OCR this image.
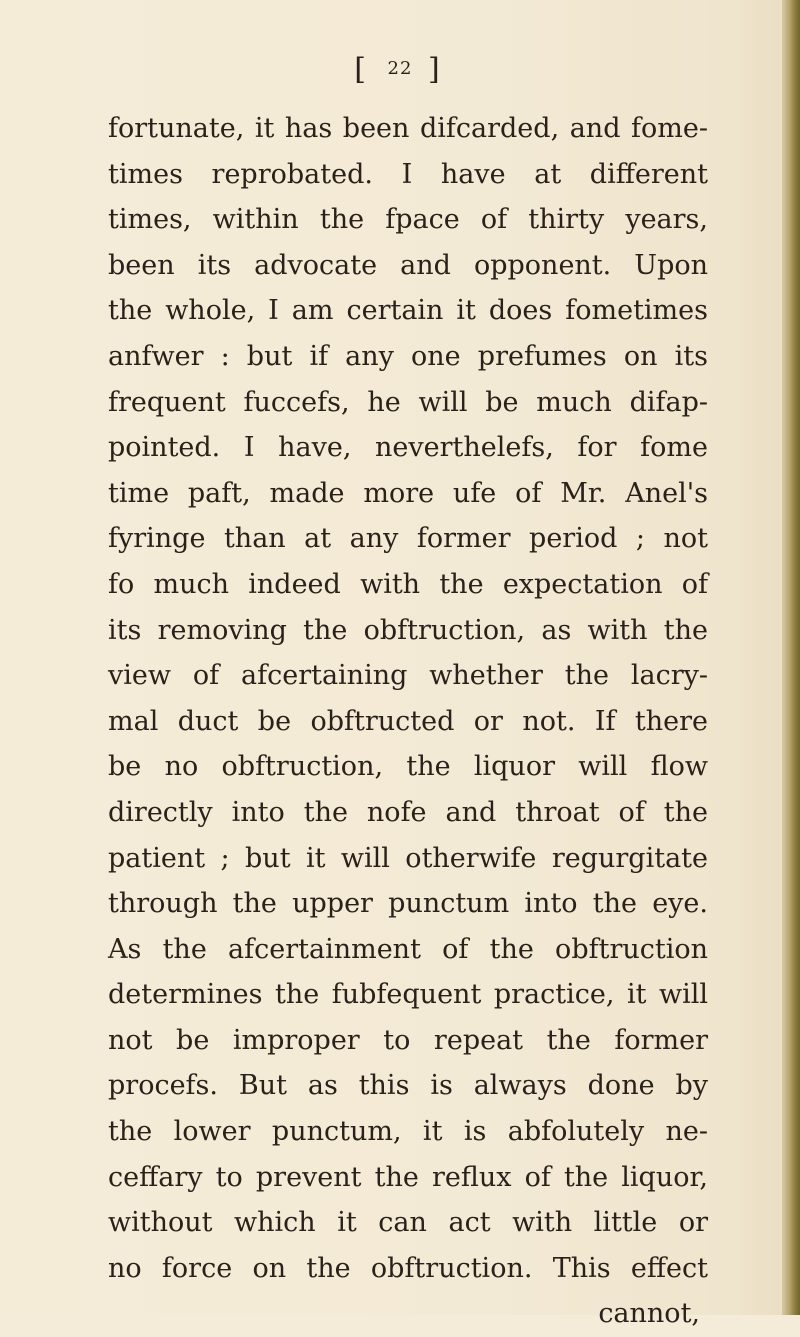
[ 22 ]
fortunate, it has been difcarded, and fome-
times reprobated. I have at different
times, within the fpace of thirty years,
been its advocate and opponent. Upon
the whole, I am certain it does fometimes
anfwer : but if any one prefumes on its
frequent fuccefs, he will be much difap-
pointed. I have, neverthelefs, for fome
time paft, made more ufe of Mr. Anel's
fyringe than at any former period ; not
fo much indeed with the expectation of
its removing the obftruction, as with the
view of afcertaining whether the lacry-
mal duct be obftructed or not. If there
be no obftruction, the liquor will flow
directly into the nofe and throat of the
patient ; but it will otherwife regurgitate
through the upper punctum into the eye.
As the afcertainment of the obftruction
determines the fubfequent practice, it will
not be improper to repeat the former
procefs. But as this is always done by
the lower punctum, it is abfolutely ne-
ceffary to prevent the reflux of the liquor,
without which it can act with little or
no force on the obftruction. This effect
cannot,
